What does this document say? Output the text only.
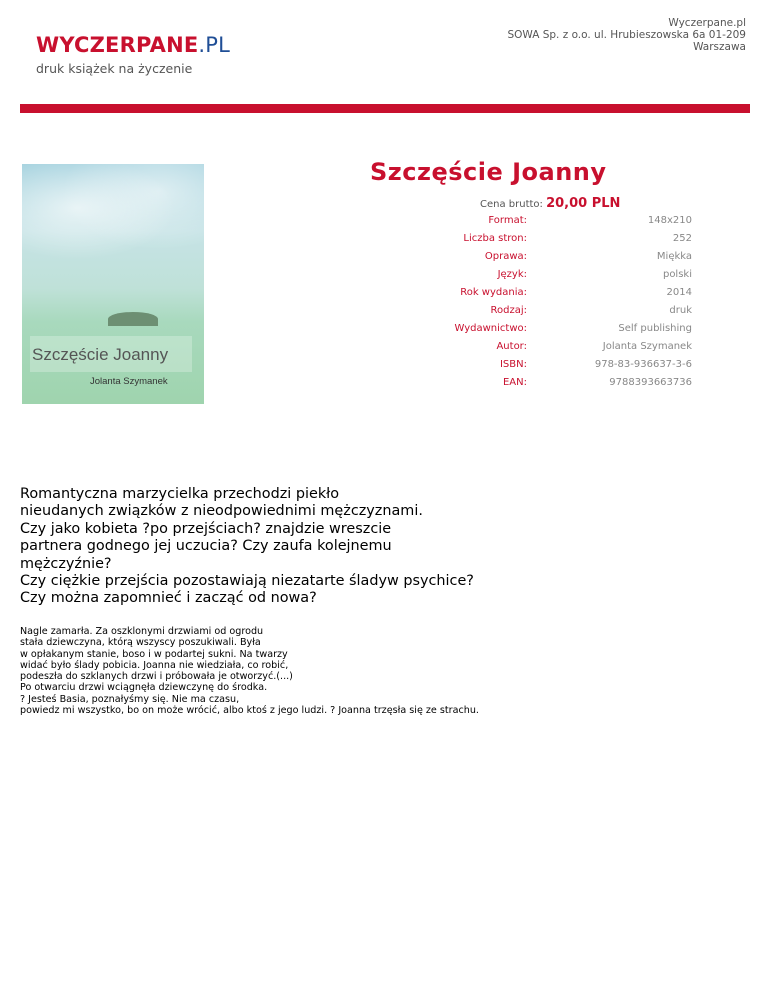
WYCZERPANE.PL
druk książek na życzenie
Wyczerpane.pl
SOWA Sp. z o.o. ul. Hrubieszowska 6a 01-209
Warszawa
Szczęście Joanny
Jolanta Szymanek
Szczęście Joanny
Cena brutto: 20,00 PLN
Format:	148x210
Liczba stron:	252
Oprawa:	Miękka
Język:	polski
Rok wydania:	2014
Rodzaj:	druk
Wydawnictwo:	Self publishing
Autor:	Jolanta Szymanek
ISBN:	978-83-936637-3-6
EAN:	9788393663736

Romantyczna marzycielka przechodzi piekło

nieudanych związków z nieodpowiednimi mężczyznami.

Czy jako kobieta ?po przejściach? znajdzie wreszcie

partnera godnego jej uczucia? Czy zaufa kolejnemu

mężczyźnie?

Czy ciężkie przejścia pozostawiają niezatarte śladyw psychice?

Czy można zapomnieć i zacząć od nowa?

Nagle zamarła. Za oszklonymi drzwiami od ogrodu

stała dziewczyna, którą wszyscy poszukiwali. Była

w opłakanym stanie, boso i w podartej sukni. Na twarzy

widać było ślady pobicia. Joanna nie wiedziała, co robić,

podeszła do szklanych drzwi i próbowała je otworzyć.(...)

Po otwarciu drzwi wciągnęła dziewczynę do środka.

? Jesteś Basia, poznałyśmy się. Nie ma czasu,

powiedz mi wszystko, bo on może wrócić, albo ktoś z jego ludzi. ? Joanna trzęsła się ze strachu.
